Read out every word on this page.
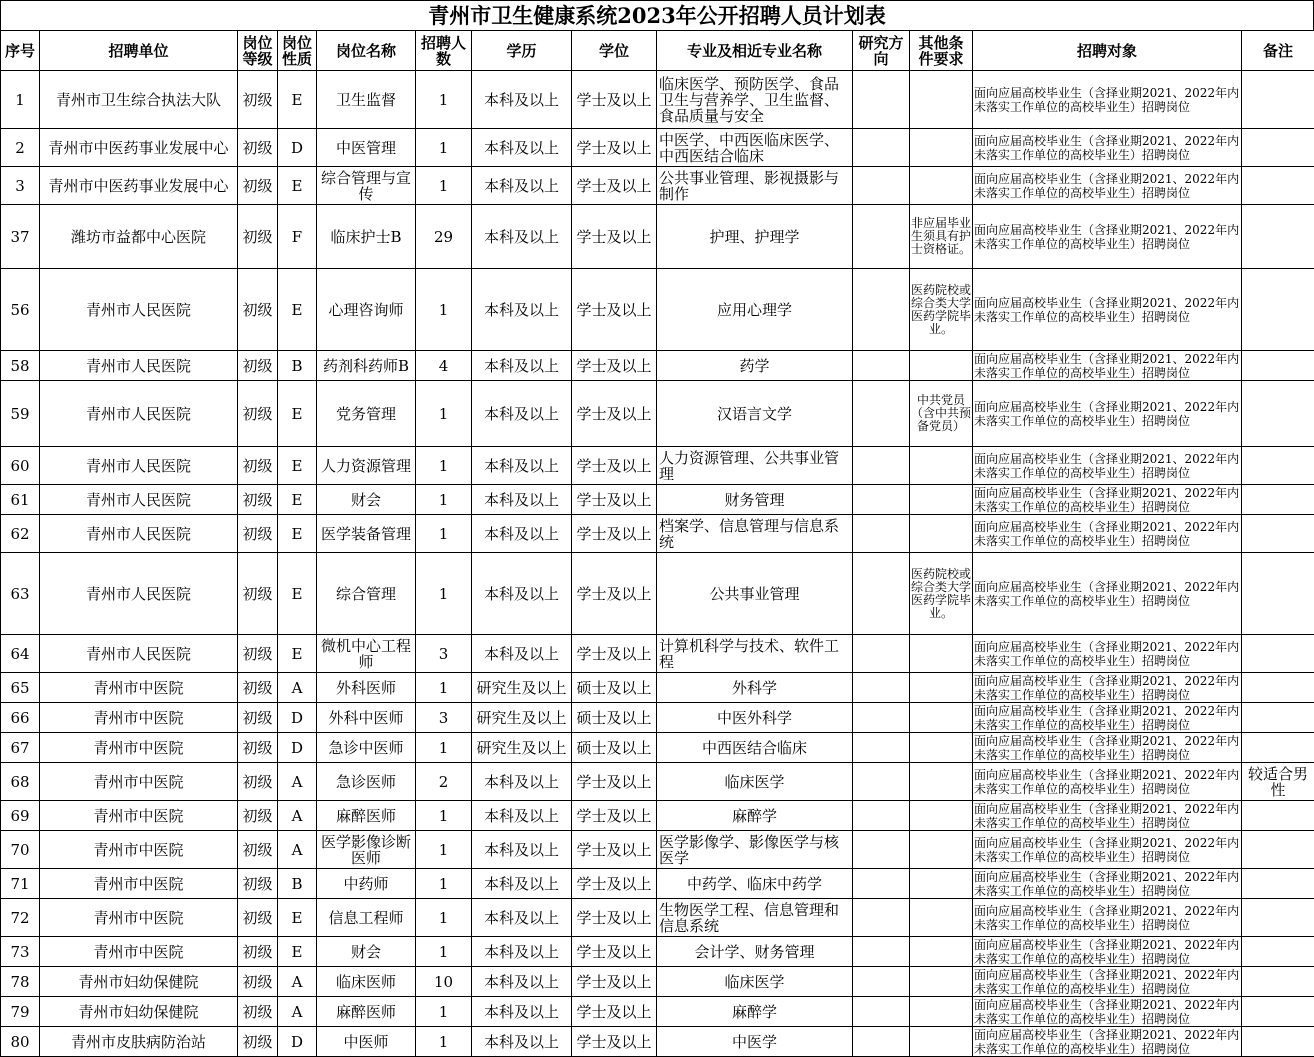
青州市卫生健康系统2023年公开招聘人员计划表
序号	招聘单位	岗位等级	岗位性质	岗位名称	招聘人数	学历	学位	专业及相近专业名称	研究方向	其他条件要求	招聘对象	备注
1	青州市卫生综合执法大队	初级	E	卫生监督	1	本科及以上	学士及以上	临床医学、预防医学、食品卫生与营养学、卫生监督、食品质量与安全			面向应届高校毕业生（含择业期2021、2022年内未落实工作单位的高校毕业生）招聘岗位	
2	青州市中医药事业发展中心	初级	D	中医管理	1	本科及以上	学士及以上	中医学、中西医临床医学、中西医结合临床			面向应届高校毕业生（含择业期2021、2022年内未落实工作单位的高校毕业生）招聘岗位	
3	青州市中医药事业发展中心	初级	E	综合管理与宣传	1	本科及以上	学士及以上	公共事业管理、影视摄影与制作			面向应届高校毕业生（含择业期2021、2022年内未落实工作单位的高校毕业生）招聘岗位	
37	潍坊市益都中心医院	初级	F	临床护士B	29	本科及以上	学士及以上	护理、护理学		非应届毕业生须具有护士资格证。	面向应届高校毕业生（含择业期2021、2022年内未落实工作单位的高校毕业生）招聘岗位	
56	青州市人民医院	初级	E	心理咨询师	1	本科及以上	学士及以上	应用心理学		医药院校或综合类大学医药学院毕业。	面向应届高校毕业生（含择业期2021、2022年内未落实工作单位的高校毕业生）招聘岗位	
58	青州市人民医院	初级	B	药剂科药师B	4	本科及以上	学士及以上	药学			面向应届高校毕业生（含择业期2021、2022年内未落实工作单位的高校毕业生）招聘岗位	
59	青州市人民医院	初级	E	党务管理	1	本科及以上	学士及以上	汉语言文学		中共党员（含中共预备党员）	面向应届高校毕业生（含择业期2021、2022年内未落实工作单位的高校毕业生）招聘岗位	
60	青州市人民医院	初级	E	人力资源管理	1	本科及以上	学士及以上	人力资源管理、公共事业管理			面向应届高校毕业生（含择业期2021、2022年内未落实工作单位的高校毕业生）招聘岗位	
61	青州市人民医院	初级	E	财会	1	本科及以上	学士及以上	财务管理			面向应届高校毕业生（含择业期2021、2022年内未落实工作单位的高校毕业生）招聘岗位	
62	青州市人民医院	初级	E	医学装备管理	1	本科及以上	学士及以上	档案学、信息管理与信息系统			面向应届高校毕业生（含择业期2021、2022年内未落实工作单位的高校毕业生）招聘岗位	
63	青州市人民医院	初级	E	综合管理	1	本科及以上	学士及以上	公共事业管理		医药院校或综合类大学医药学院毕业。	面向应届高校毕业生（含择业期2021、2022年内未落实工作单位的高校毕业生）招聘岗位	
64	青州市人民医院	初级	E	微机中心工程师	3	本科及以上	学士及以上	计算机科学与技术、软件工程			面向应届高校毕业生（含择业期2021、2022年内未落实工作单位的高校毕业生）招聘岗位	
65	青州市中医院	初级	A	外科医师	1	研究生及以上	硕士及以上	外科学			面向应届高校毕业生（含择业期2021、2022年内未落实工作单位的高校毕业生）招聘岗位	
66	青州市中医院	初级	D	外科中医师	3	研究生及以上	硕士及以上	中医外科学			面向应届高校毕业生（含择业期2021、2022年内未落实工作单位的高校毕业生）招聘岗位	
67	青州市中医院	初级	D	急诊中医师	1	研究生及以上	硕士及以上	中西医结合临床			面向应届高校毕业生（含择业期2021、2022年内未落实工作单位的高校毕业生）招聘岗位	
68	青州市中医院	初级	A	急诊医师	2	本科及以上	学士及以上	临床医学			面向应届高校毕业生（含择业期2021、2022年内未落实工作单位的高校毕业生）招聘岗位	较适合男性
69	青州市中医院	初级	A	麻醉医师	1	本科及以上	学士及以上	麻醉学			面向应届高校毕业生（含择业期2021、2022年内未落实工作单位的高校毕业生）招聘岗位	
70	青州市中医院	初级	A	医学影像诊断医师	1	本科及以上	学士及以上	医学影像学、影像医学与核医学			面向应届高校毕业生（含择业期2021、2022年内未落实工作单位的高校毕业生）招聘岗位	
71	青州市中医院	初级	B	中药师	1	本科及以上	学士及以上	中药学、临床中药学			面向应届高校毕业生（含择业期2021、2022年内未落实工作单位的高校毕业生）招聘岗位	
72	青州市中医院	初级	E	信息工程师	1	本科及以上	学士及以上	生物医学工程、信息管理和信息系统			面向应届高校毕业生（含择业期2021、2022年内未落实工作单位的高校毕业生）招聘岗位	
73	青州市中医院	初级	E	财会	1	本科及以上	学士及以上	会计学、财务管理			面向应届高校毕业生（含择业期2021、2022年内未落实工作单位的高校毕业生）招聘岗位	
78	青州市妇幼保健院	初级	A	临床医师	10	本科及以上	学士及以上	临床医学			面向应届高校毕业生（含择业期2021、2022年内未落实工作单位的高校毕业生）招聘岗位	
79	青州市妇幼保健院	初级	A	麻醉医师	1	本科及以上	学士及以上	麻醉学			面向应届高校毕业生（含择业期2021、2022年内未落实工作单位的高校毕业生）招聘岗位	
80	青州市皮肤病防治站	初级	D	中医师	1	本科及以上	学士及以上	中医学			面向应届高校毕业生（含择业期2021、2022年内未落实工作单位的高校毕业生）招聘岗位	
